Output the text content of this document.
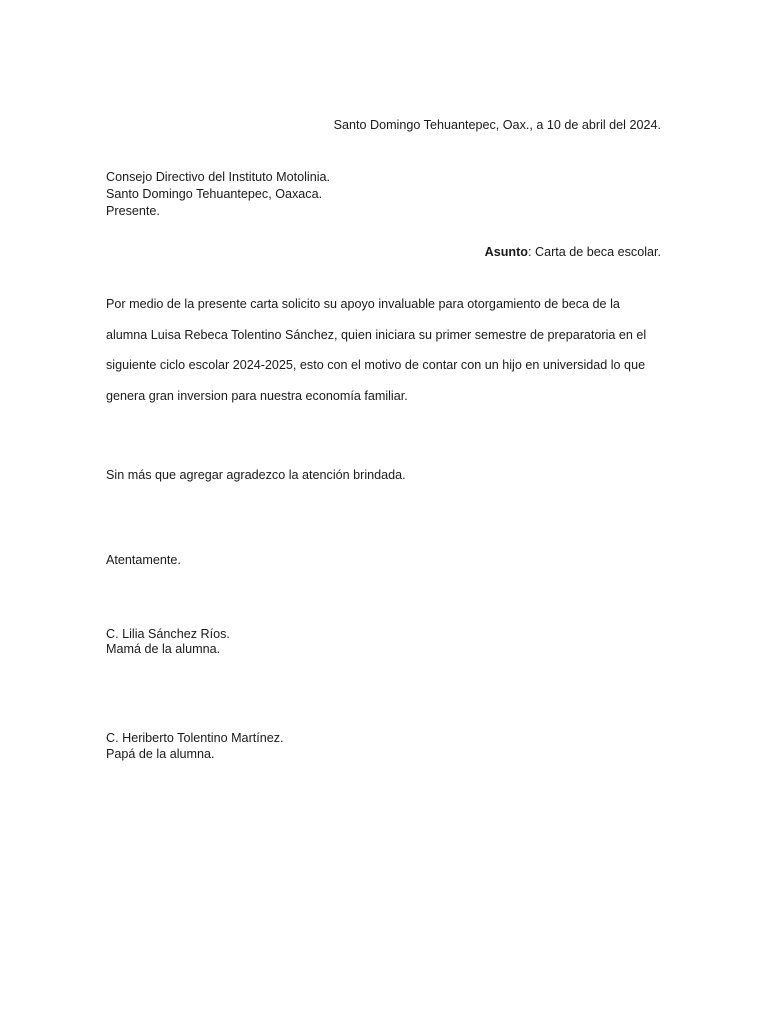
Santo Domingo Tehuantepec, Oax., a 10 de abril del 2024.
Consejo Directivo del Instituto Motolinia.
Santo Domingo Tehuantepec, Oaxaca.
Presente.
Asunto: Carta de beca escolar.
Por medio de la presente carta solicito su apoyo invaluable para otorgamiento de beca de la
alumna Luisa Rebeca Tolentino Sánchez, quien iniciara su primer semestre de preparatoria en el
siguiente ciclo escolar 2024-2025, esto con el motivo de contar con un hijo en universidad lo que
genera gran inversion para nuestra economía familiar.
Sin más que agregar agradezco la atención brindada.
Atentamente.
C. Lilia Sánchez Ríos.
Mamá de la alumna.
C. Heriberto Tolentino Martínez.
Papá de la alumna.
